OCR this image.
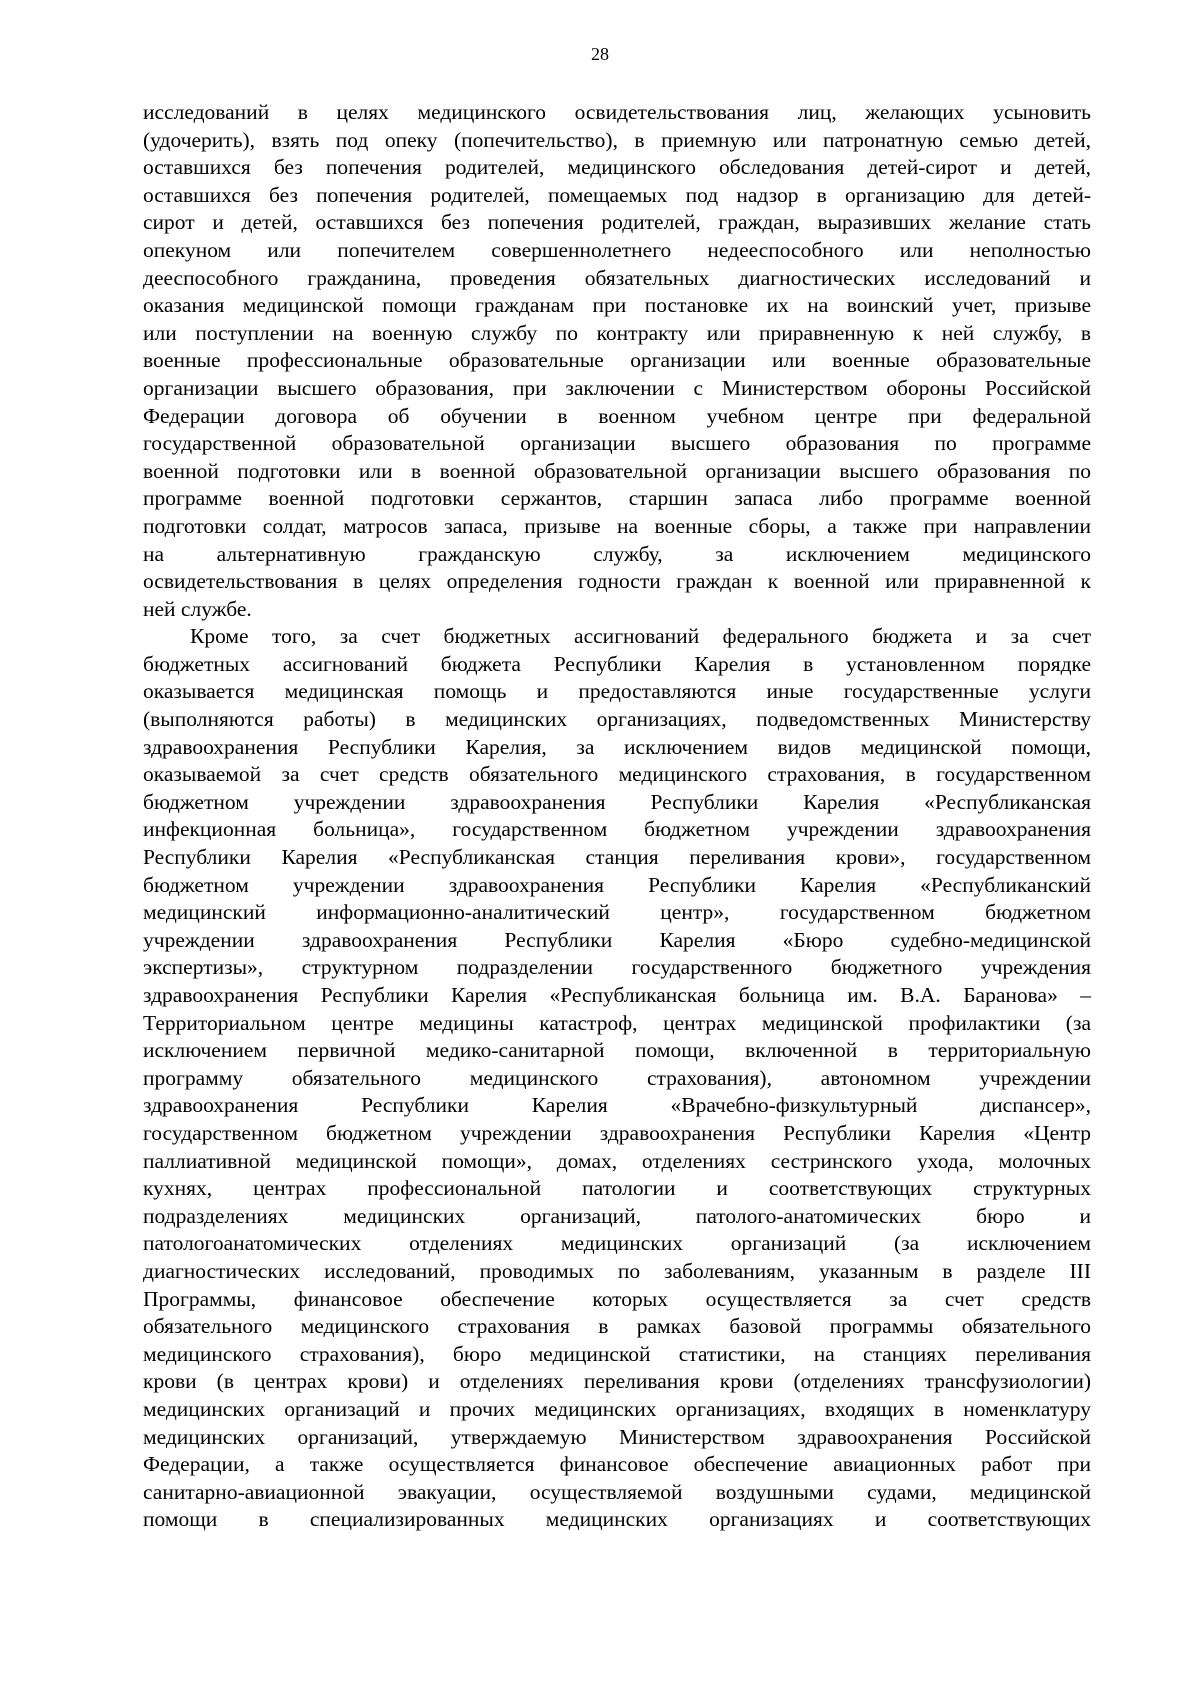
28
исследований в целях медицинского освидетельствования лиц, желающих усыновить
(удочерить), взять под опеку (попечительство), в приемную или патронатную семью детей,
оставшихся без попечения родителей, медицинского обследования детей-сирот и детей,
оставшихся без попечения родителей, помещаемых под надзор в организацию для детей-
сирот и детей, оставшихся без попечения родителей, граждан, выразивших желание стать
опекуном или попечителем совершеннолетнего недееспособного или неполностью
дееспособного гражданина, проведения обязательных диагностических исследований и
оказания медицинской помощи гражданам при постановке их на воинский учет, призыве
или поступлении на военную службу по контракту или приравненную к ней службу, в
военные профессиональные образовательные организации или военные образовательные
организации высшего образования, при заключении с Министерством обороны Российской
Федерации договора об обучении в военном учебном центре при федеральной
государственной образовательной организации высшего образования по программе
военной подготовки или в военной образовательной организации высшего образования по
программе военной подготовки сержантов, старшин запаса либо программе военной
подготовки солдат, матросов запаса, призыве на военные сборы, а также при направлении
на альтернативную гражданскую службу, за исключением медицинского
освидетельствования в целях определения годности граждан к военной или приравненной к
ней службе.
Кроме того, за счет бюджетных ассигнований федерального бюджета и за счет
бюджетных ассигнований бюджета Республики Карелия в установленном порядке
оказывается медицинская помощь и предоставляются иные государственные услуги
(выполняются работы) в медицинских организациях, подведомственных Министерству
здравоохранения Республики Карелия, за исключением видов медицинской помощи,
оказываемой за счет средств обязательного медицинского страхования, в государственном
бюджетном учреждении здравоохранения Республики Карелия «Республиканская
инфекционная больница», государственном бюджетном учреждении здравоохранения
Республики Карелия «Республиканская станция переливания крови», государственном
бюджетном учреждении здравоохранения Республики Карелия «Республиканский
медицинский информационно-аналитический центр», государственном бюджетном
учреждении здравоохранения Республики Карелия «Бюро судебно-медицинской
экспертизы», структурном подразделении государственного бюджетного учреждения
здравоохранения Республики Карелия «Республиканская больница им. В.А. Баранова» –
Территориальном центре медицины катастроф, центрах медицинской профилактики (за
исключением первичной медико-санитарной помощи, включенной в территориальную
программу обязательного медицинского страхования), автономном учреждении
здравоохранения Республики Карелия «Врачебно-физкультурный диспансер»,
государственном бюджетном учреждении здравоохранения Республики Карелия «Центр
паллиативной медицинской помощи», домах, отделениях сестринского ухода, молочных
кухнях, центрах профессиональной патологии и соответствующих структурных
подразделениях медицинских организаций, патолого-анатомических бюро и
патологоанатомических отделениях медицинских организаций (за исключением
диагностических исследований, проводимых по заболеваниям, указанным в разделе III
Программы, финансовое обеспечение которых осуществляется за счет средств
обязательного медицинского страхования в рамках базовой программы обязательного
медицинского страхования), бюро медицинской статистики, на станциях переливания
крови (в центрах крови) и отделениях переливания крови (отделениях трансфузиологии)
медицинских организаций и прочих медицинских организациях, входящих в номенклатуру
медицинских организаций, утверждаемую Министерством здравоохранения Российской
Федерации, а также осуществляется финансовое обеспечение авиационных работ при
санитарно-авиационной эвакуации, осуществляемой воздушными судами, медицинской
помощи в специализированных медицинских организациях и соответствующих
